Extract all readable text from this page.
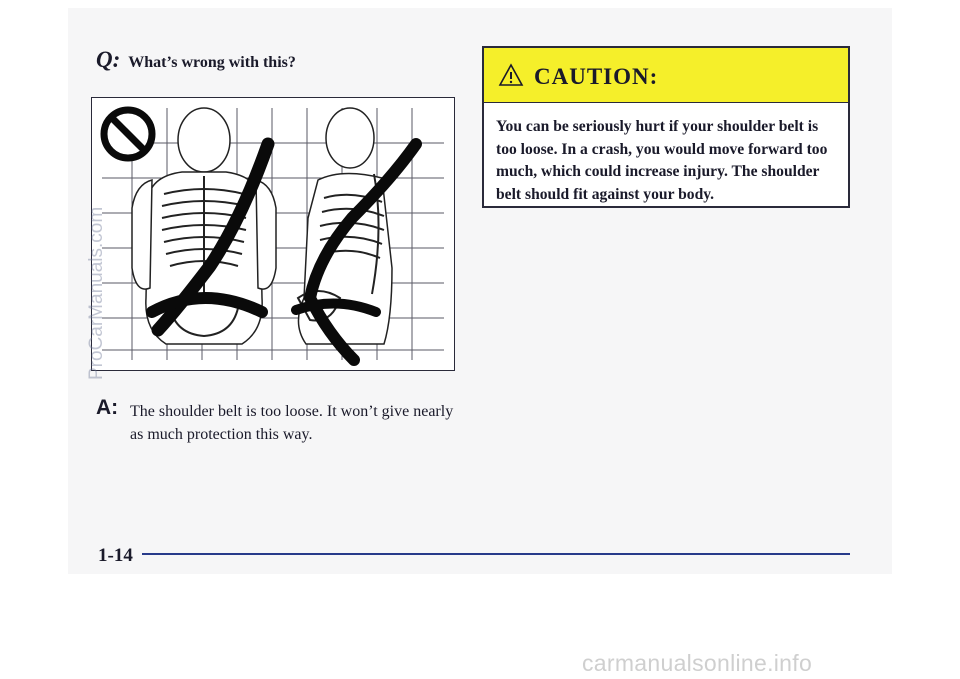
Q: What’s wrong with this?
A: The shoulder belt is too loose. It won’t give nearly as much protection this way.
CAUTION:
You can be seriously hurt if your shoulder belt is too loose. In a crash, you would move forward too much, which could increase injury. The shoulder belt should fit against your body.
ProCarManuals.com
1-14
carmanualsonline.info
